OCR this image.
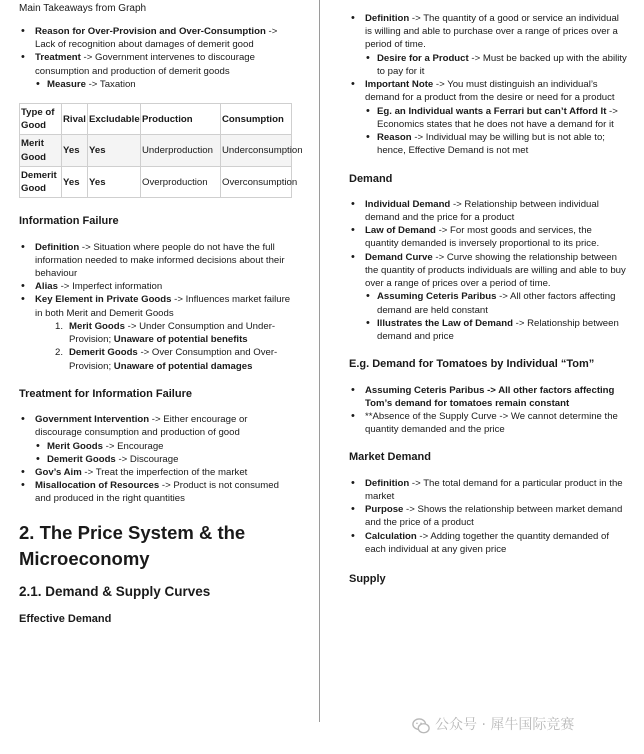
Main Takeaways from Graph

• Reason for Over-Provision and Over-Consumption -> Lack of recognition about damages of demerit good
• Treatment -> Government intervenes to discourage consumption and production of demerit goods
• Measure -> Taxation
Type of Good	Rival	Excludable	Production	Consumption
Merit Good	Yes	Yes	Underproduction	Underconsumption
Demerit Good	Yes	Yes	Overproduction	Overconsumption

Information Failure

• Definition -> Situation where people do not have the full information needed to make informed decisions about their behaviour
• Alias -> Imperfect information
• Key Element in Private Goods -> Influences market failure in both Merit and Demerit Goods
1. Merit Goods -> Under Consumption and Under-Provision; Unaware of potential benefits
2. Demerit Goods -> Over Consumption and Over-Provision; Unaware of potential damages

Treatment for Information Failure

• Government Intervention -> Either encourage or discourage consumption and production of good
• Merit Goods -> Encourage
• Demerit Goods -> Discourage
• Gov’s Aim -> Treat the imperfection of the market
• Misallocation of Resources -> Product is not consumed and produced in the right quantities

2. The Price System & the Microeconomy

2.1. Demand & Supply Curves

Effective Demand

• Definition -> The quantity of a good or service an individual is willing and able to purchase over a range of prices over a period of time.
• Desire for a Product -> Must be backed up with the ability to pay for it
• Important Note -> You must distinguish an individual’s demand for a product from the desire or need for a product
• Eg. an Individual wants a Ferrari but can’t Afford It -> Economics states that he does not have a demand for it
• Reason -> Individual may be willing but is not able to; hence, Effective Demand is not met

Demand

• Individual Demand -> Relationship between individual demand and the price for a product
• Law of Demand -> For most goods and services, the quantity demanded is inversely proportional to its price.
• Demand Curve -> Curve showing the relationship between the quantity of products individuals are willing and able to buy over a range of prices over a period of time.
• Assuming Ceteris Paribus -> All other factors affecting demand are held constant
• Illustrates the Law of Demand -> Relationship between demand and price

E.g. Demand for Tomatoes by Individual “Tom”

• Assuming Ceteris Paribus -> All other factors affecting Tom’s demand for tomatoes remain constant
• **Absence of the Supply Curve -> We cannot determine the quantity demanded and the price

Market Demand

• Definition -> The total demand for a particular product in the market
• Purpose -> Shows the relationship between market demand and the price of a product
• Calculation -> Adding together the quantity demanded of each individual at any given price

Supply

公众号 · 犀牛国际竞赛
